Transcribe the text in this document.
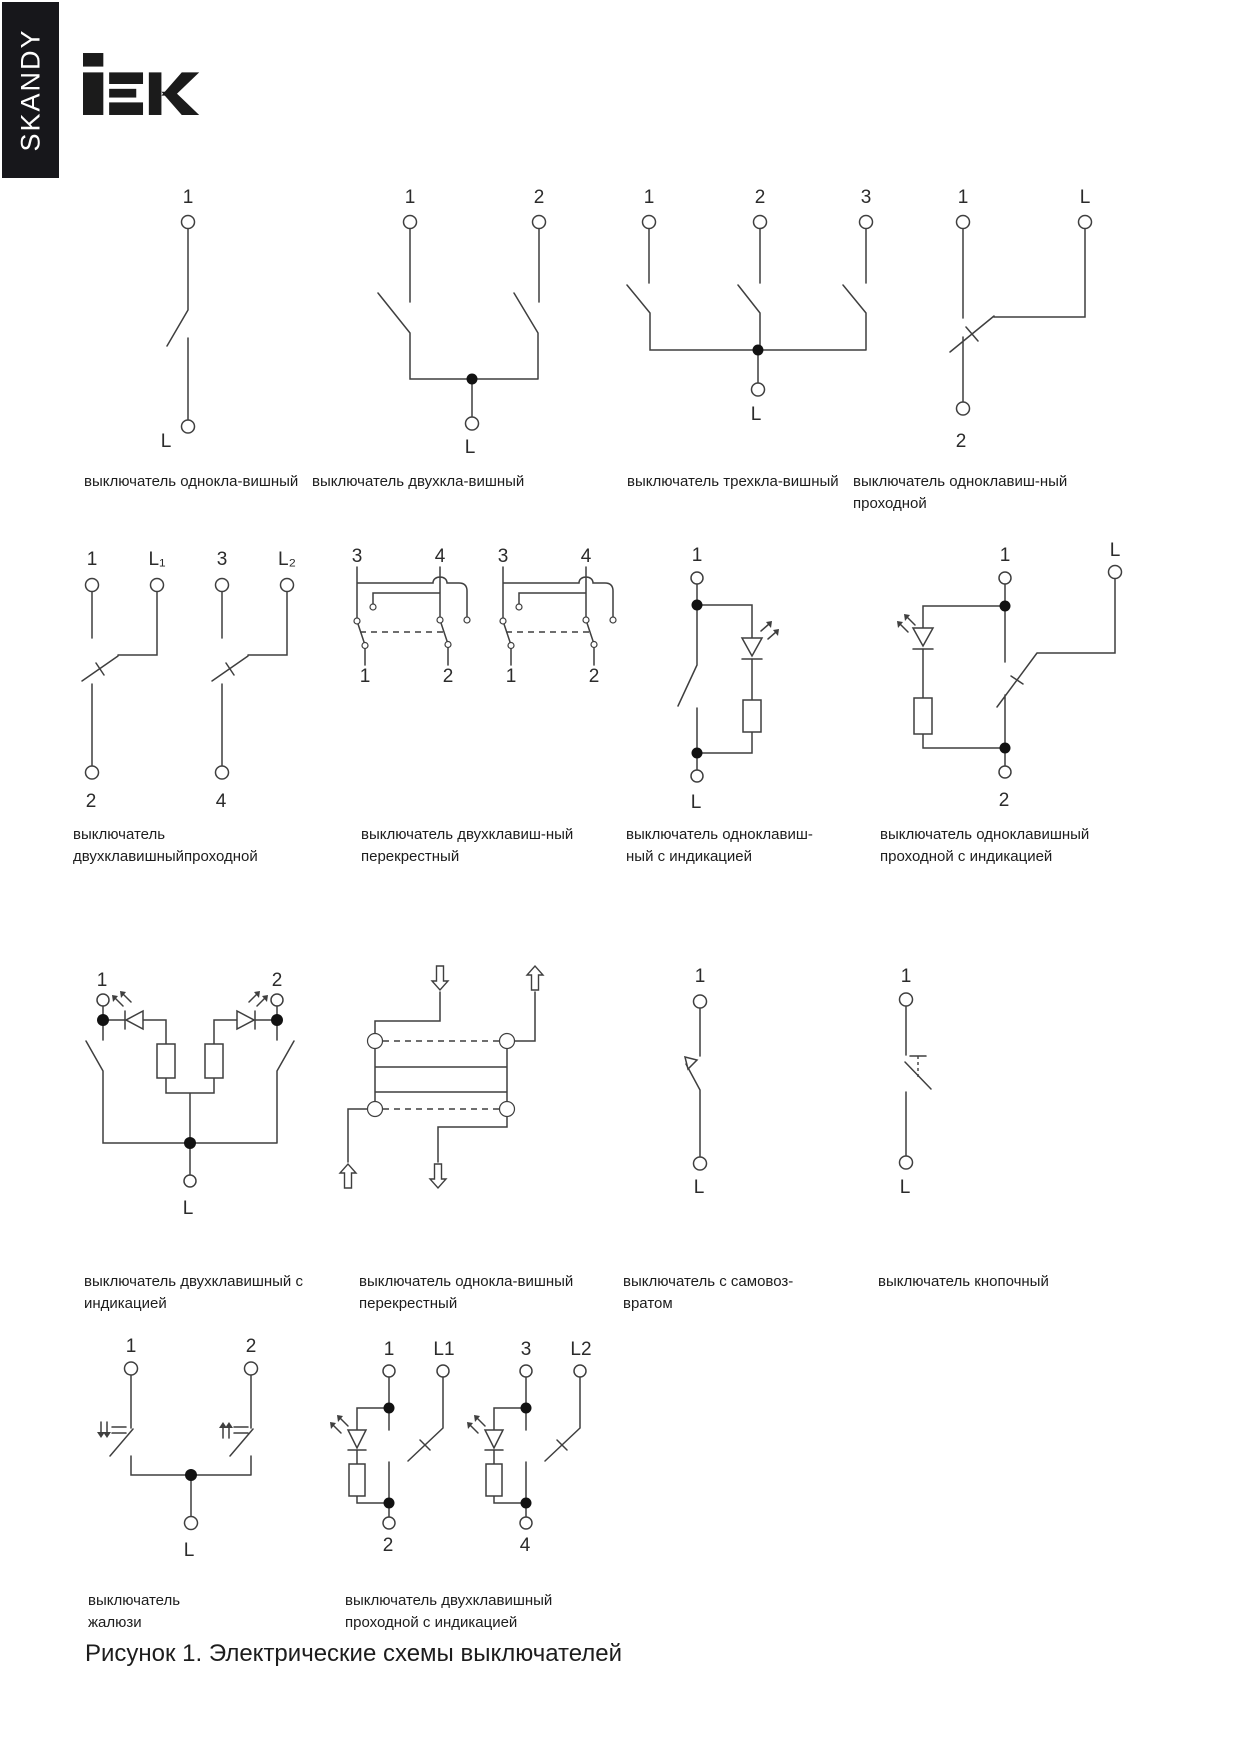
SKANDY
1
L
1	2
L
1	2	3
L
1	L
2
1	L₁	3	L₂
2	4
3	4
1	2
3	4
1	2
1
L
1	L
2
1	2
L
1
L
1
L
1	2
L
1 L1	3 L2
2	4
выключатель однокла-вишный выключатель двухкла-вишный	выключатель трехкла-вишный выключатель одноклавиш-ный
проходной
выключатель
двухклавишныйпроходной
выключатель двухклавиш-ный
перекрестный
выключатель одноклавиш-
ный с индикацией
выключатель одноклавишный
проходной с индикацией
выключатель двухклавишный с
индикацией
выключатель однокла-вишный
перекрестный
выключатель с самовоз-
вратом
выключатель кнопочный
выключатель
жалюзи
выключатель двухклавишный
проходной с индикацией
Рисунок 1. Электрические схемы выключателей
